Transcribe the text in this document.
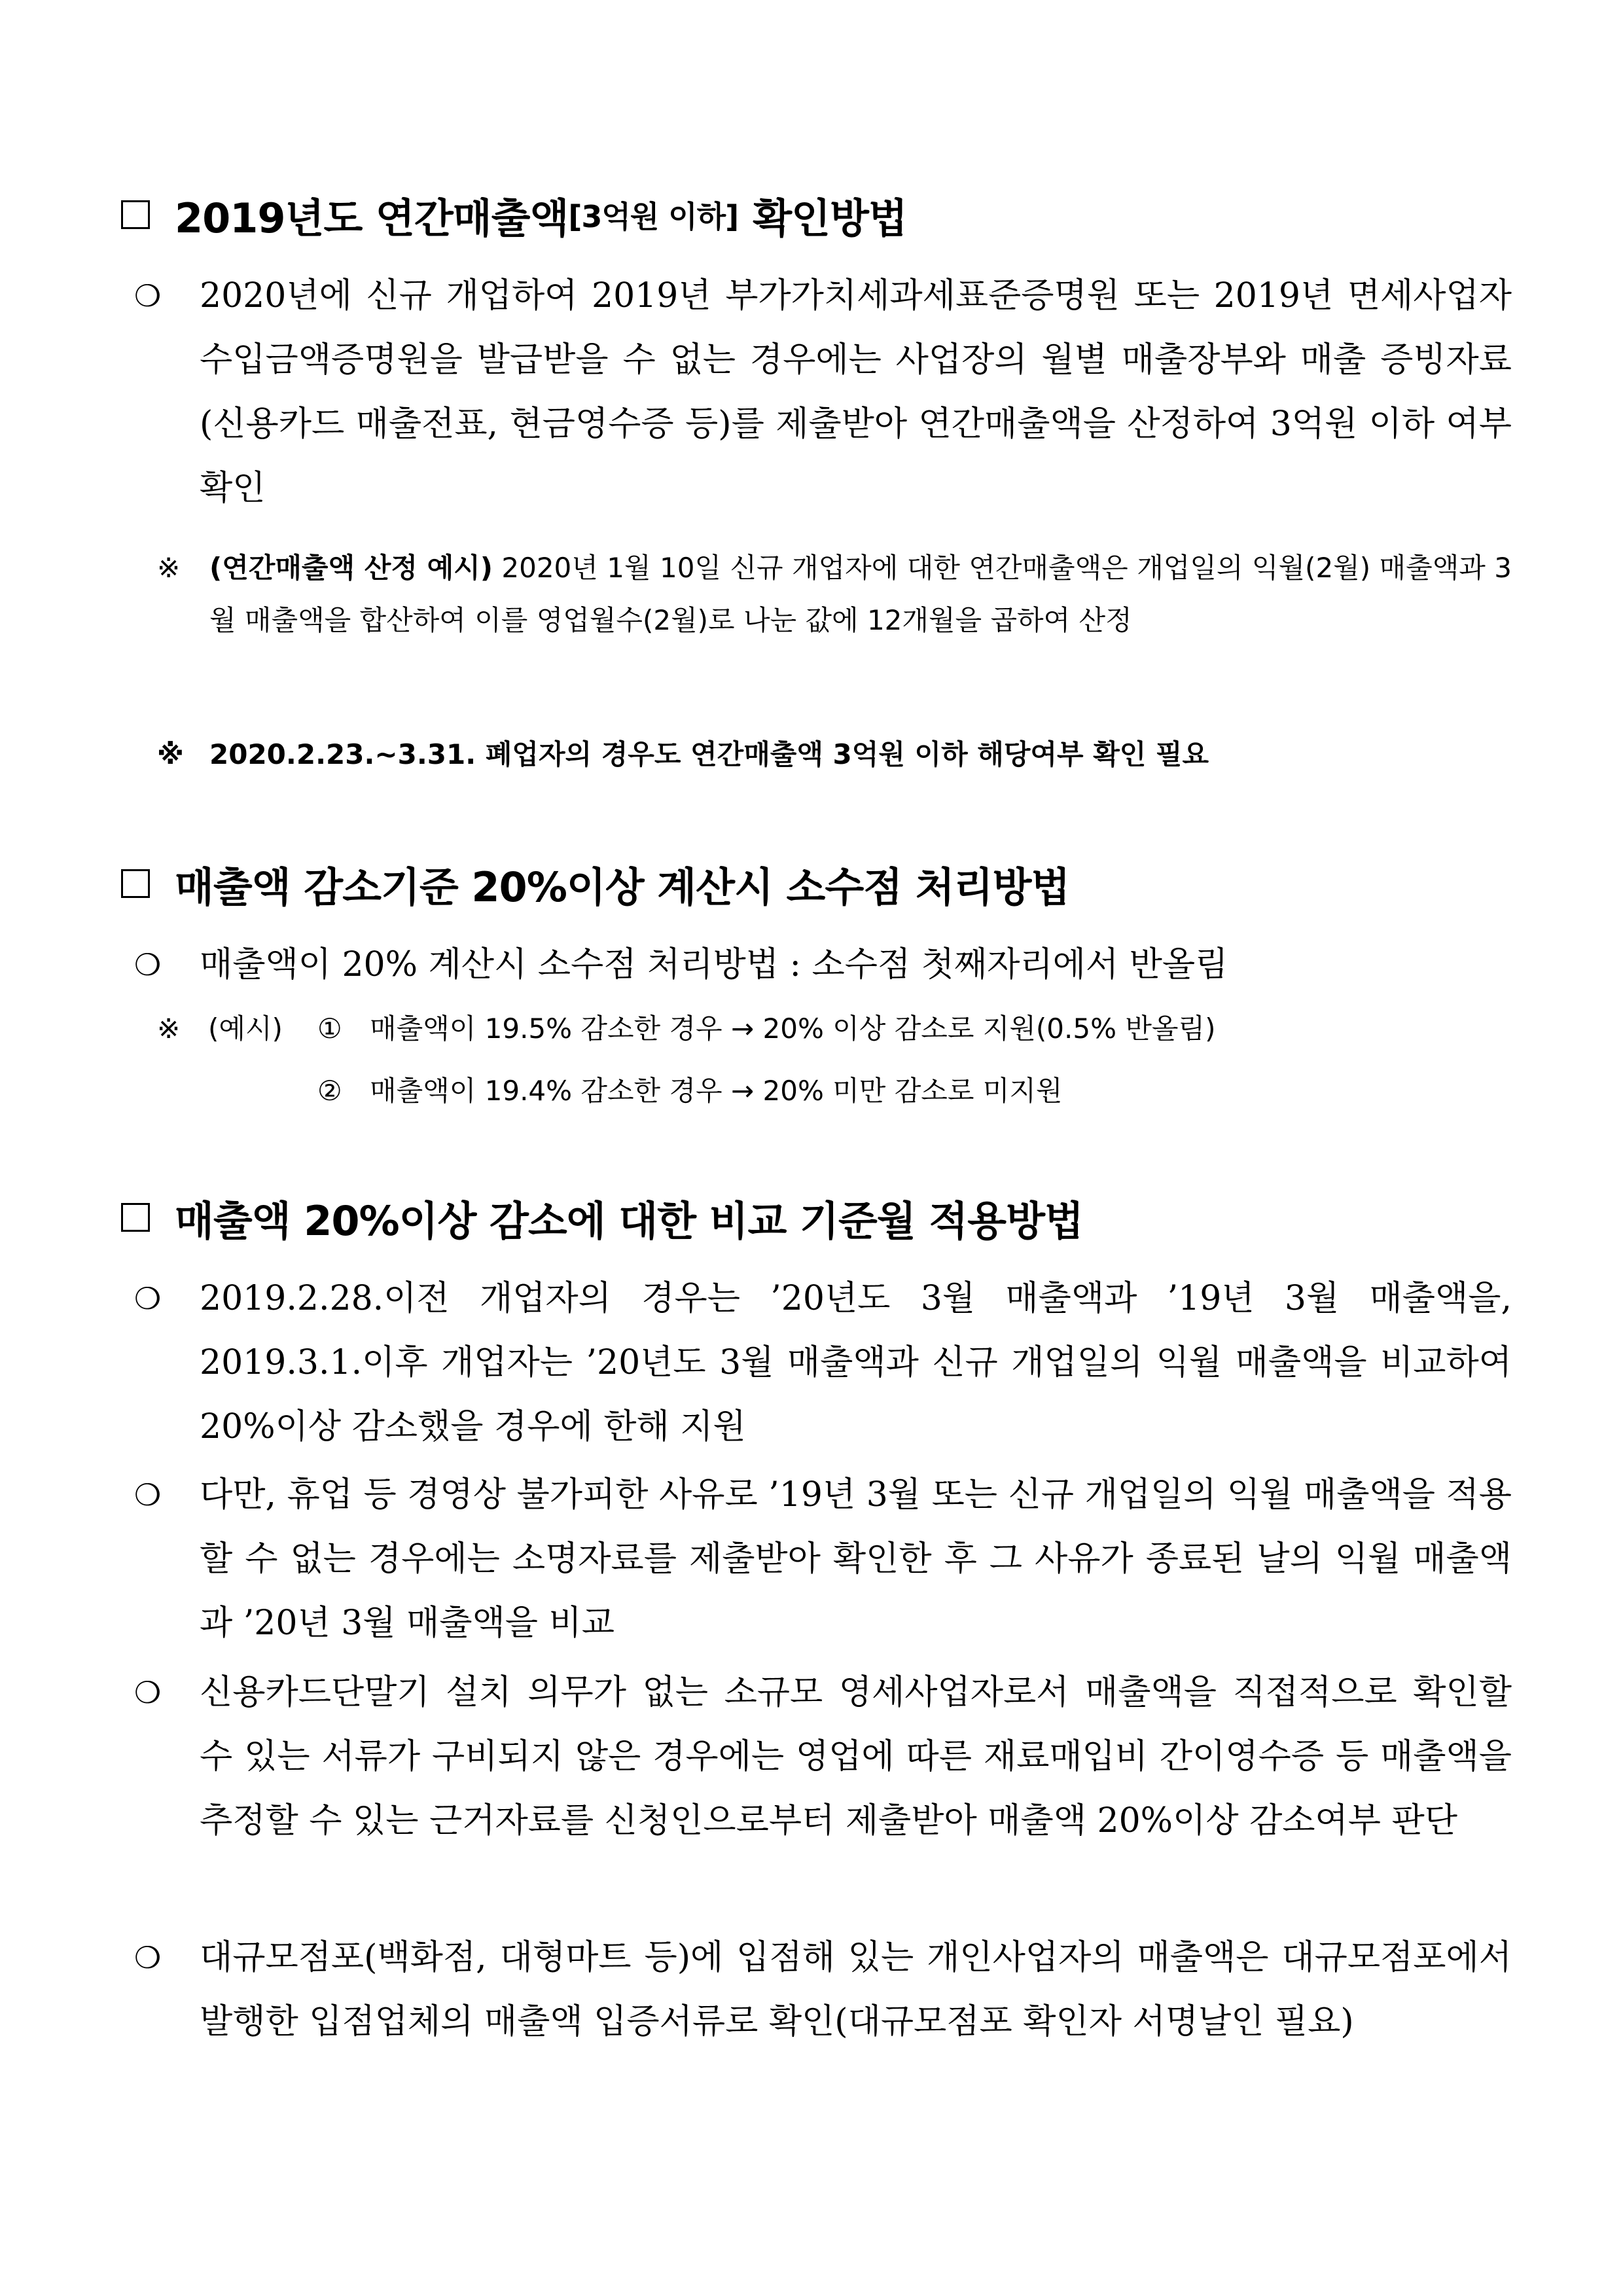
2019년도 연간매출액 [3억원 이하] 확인방법
❍ 2020년에 신규 개업하여 2019년 부가가치세과세표준증명원 또는 2019년 면세사업자 수입금액증명원을 발급받을 수 없는 경우에는 사업장의 월별 매출장부와 매출 증빙자료(신용카드 매출전표, 현금영수증 등)를 제출받아 연간매출액을 산정하여 3억원 이하 여부 확인
※ (연간매출액 산정 예시) 2020년 1월 10일 신규 개업자에 대한 연간매출액은 개업일의 익월(2월) 매출액과 3월 매출액을 합산하여 이를 영업월수(2월)로 나눈 값에 12개월을 곱하여 산정
※ 2020.2.23.~3.31. 폐업자의 경우도 연간매출액 3억원 이하 해당여부 확인 필요
매출액 감소기준 20%이상 계산시 소수점 처리방법
❍ 매출액이 20% 계산시 소수점 처리방법 : 소수점 첫째자리에서 반올림
※ (예시) ① 매출액이 19.5% 감소한 경우 → 20% 이상 감소로 지원(0.5% 반올림)
② 매출액이 19.4% 감소한 경우 → 20% 미만 감소로 미지원
매출액 20%이상 감소에 대한 비교 기준월 적용방법
❍ 2019.2.28.이전 개업자의 경우는 ’20년도 3월 매출액과 ’19년 3월 매출액을, 2019.3.1.이후 개업자는 ’20년도 3월 매출액과 신규 개업일의 익월 매출액을 비교하여 20%이상 감소했을 경우에 한해 지원
❍ 다만, 휴업 등 경영상 불가피한 사유로 ’19년 3월 또는 신규 개업일의 익월 매출액을 적용할 수 없는 경우에는 소명자료를 제출받아 확인한 후 그 사유가 종료된 날의 익월 매출액과 ’20년 3월 매출액을 비교
❍ 신용카드단말기 설치 의무가 없는 소규모 영세사업자로서 매출액을 직접적으로 확인할 수 있는 서류가 구비되지 않은 경우에는 영업에 따른 재료매입비 간이영수증 등 매출액을 추정할 수 있는 근거자료를 신청인으로부터 제출받아 매출액 20%이상 감소여부 판단
❍ 대규모점포(백화점, 대형마트 등)에 입점해 있는 개인사업자의 매출액은 대규모점포에서 발행한 입점업체의 매출액 입증서류로 확인(대규모점포 확인자 서명날인 필요)
